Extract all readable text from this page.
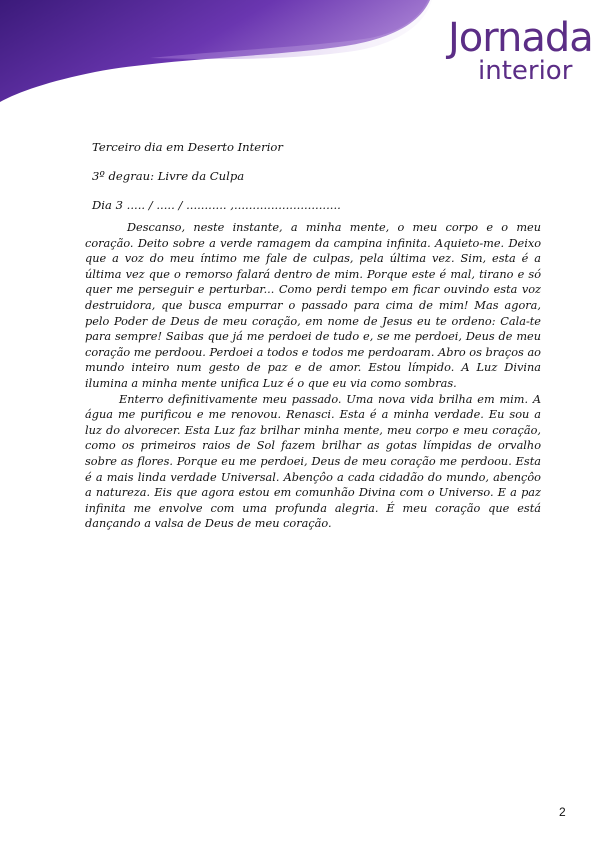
Jornada
interior
Terceiro dia em Deserto Interior
3º degrau: Livre da Culpa
Dia 3 ..... / ..... / ........... ,.............................

Descanso, neste instante, a minha mente, o meu corpo e o meu coração. Deito sobre a verde ramagem da campina infinita. Aquieto-me. Deixo que a voz do meu íntimo me fale de culpas, pela última vez. Sim, esta é a última vez que o remorso falará dentro de mim. Porque este é mal, tirano e só quer me perseguir e perturbar... Como perdi tempo em ficar ouvindo esta voz destruidora, que busca empurrar o passado para cima de mim! Mas agora, pelo Poder de Deus de meu coração, em nome de Jesus eu te ordeno: Cala-te para sempre! Saibas que já me perdoei de tudo e, se me perdoei, Deus de meu coração me perdoou. Perdoei a todos e todos me perdoaram. Abro os braços ao mundo inteiro num gesto de paz e de amor. Estou límpido. A Luz Divina ilumina a minha mente unifica Luz é o que eu via como sombras.

Enterro definitivamente meu passado. Uma nova vida brilha em mim. A água me purificou e me renovou. Renasci. Esta é a minha verdade. Eu sou a luz do alvorecer. Esta Luz faz brilhar minha mente, meu corpo e meu coração, como os primeiros raios de Sol fazem brilhar as gotas límpidas de orvalho sobre as flores. Porque eu me perdoei, Deus de meu coração me perdoou. Esta é a mais linda verdade Universal. Abençôo a cada cidadão do mundo, abençôo a natureza. Eis que agora estou em comunhão Divina com o Universo. E a paz infinita me envolve com uma profunda alegria. É meu coração que está dançando a valsa de Deus de meu coração.

2
